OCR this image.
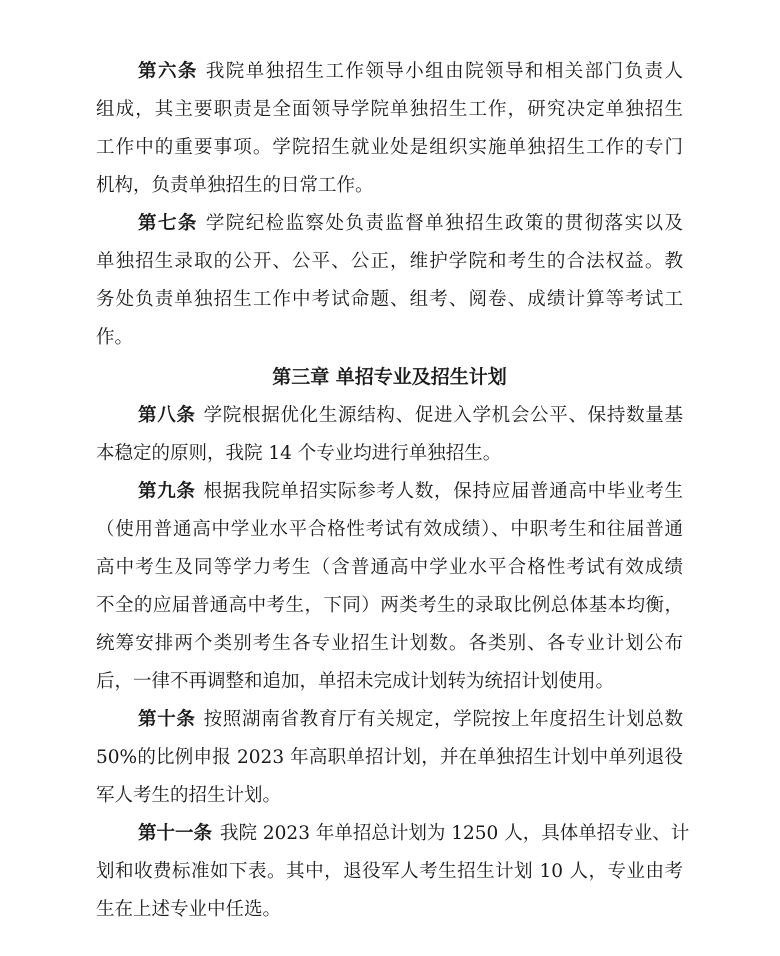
第六条 我院单独招生工作领导小组由院领导和相关部门负责人
组成，其主要职责是全面领导学院单独招生工作，研究决定单独招生
工作中的重要事项。学院招生就业处是组织实施单独招生工作的专门
机构，负责单独招生的日常工作。
第七条 学院纪检监察处负责监督单独招生政策的贯彻落实以及
单独招生录取的公开、公平、公正，维护学院和考生的合法权益。教
务处负责单独招生工作中考试命题、组考、阅卷、成绩计算等考试工
作。
第三章 单招专业及招生计划
第八条 学院根据优化生源结构、促进入学机会公平、保持数量基
本稳定的原则，我院 14 个专业均进行单独招生。
第九条 根据我院单招实际参考人数，保持应届普通高中毕业考生
（使用普通高中学业水平合格性考试有效成绩）、中职考生和往届普通
高中考生及同等学力考生（含普通高中学业水平合格性考试有效成绩
不全的应届普通高中考生，下同）两类考生的录取比例总体基本均衡，
统筹安排两个类别考生各专业招生计划数。各类别、各专业计划公布
后，一律不再调整和追加，单招未完成计划转为统招计划使用。
第十条 按照湖南省教育厅有关规定，学院按上年度招生计划总数
50%的比例申报 2023 年高职单招计划，并在单独招生计划中单列退役
军人考生的招生计划。
第十一条 我院 2023 年单招总计划为 1250 人，具体单招专业、计
划和收费标准如下表。其中，退役军人考生招生计划 10 人，专业由考
生在上述专业中任选。
